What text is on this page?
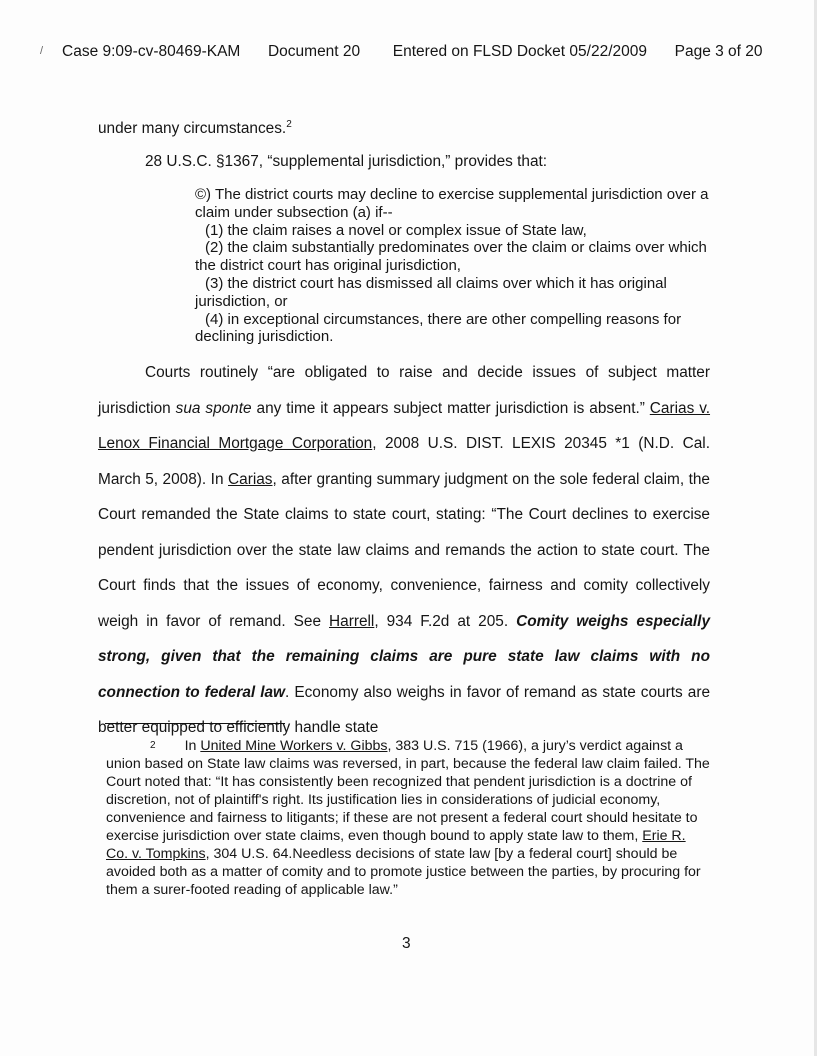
/ Case 9:09-cv-80469-KAM Document 20 Entered on FLSD Docket 05/22/2009 Page 3 of 20
under many circumstances.$^2$
28 U.S.C. §1367, “supplemental jurisdiction,” provides that:

©) The district courts may decline to exercise supplemental jurisdiction over a claim under subsection (a) if--

(1) the claim raises a novel or complex issue of State law,

(2) the claim substantially predominates over the claim or claims over which the district court has original jurisdiction,

(3) the district court has dismissed all claims over which it has original jurisdiction, or

(4) in exceptional circumstances, there are other compelling reasons for declining jurisdiction.

Courts routinely “are obligated to raise and decide issues of subject matter jurisdiction sua sponte any time it appears subject matter jurisdiction is absent.” Carias v. Lenox Financial Mortgage Corporation, 2008 U.S. DIST. LEXIS 20345 *1 (N.D. Cal. March 5, 2008). In Carias, after granting summary judgment on the sole federal claim, the Court remanded the State claims to state court, stating: “The Court declines to exercise pendent jurisdiction over the state law claims and remands the action to state court. The Court finds that the issues of economy, convenience, fairness and comity collectively weigh in favor of remand. See Harrell, 934 F.2d at 205. Comity weighs especially strong, given that the remaining claims are pure state law claims with no connection to federal law. Economy also weighs in favor of remand as state courts are better equipped to efficiently handle state

$^2$ In United Mine Workers v. Gibbs, 383 U.S. 715 (1966), a jury’s verdict against a union based on State law claims was reversed, in part, because the federal law claim failed. The Court noted that: “It has consistently been recognized that pendent jurisdiction is a doctrine of discretion, not of plaintiff's right. Its justification lies in considerations of judicial economy, convenience and fairness to litigants; if these are not present a federal court should hesitate to exercise jurisdiction over state claims, even though bound to apply state law to them, Erie R. Co. v. Tompkins, 304 U.S. 64.Needless decisions of state law [by a federal court] should be avoided both as a matter of comity and to promote justice between the parties, by procuring for them a surer-footed reading of applicable law.”

3
